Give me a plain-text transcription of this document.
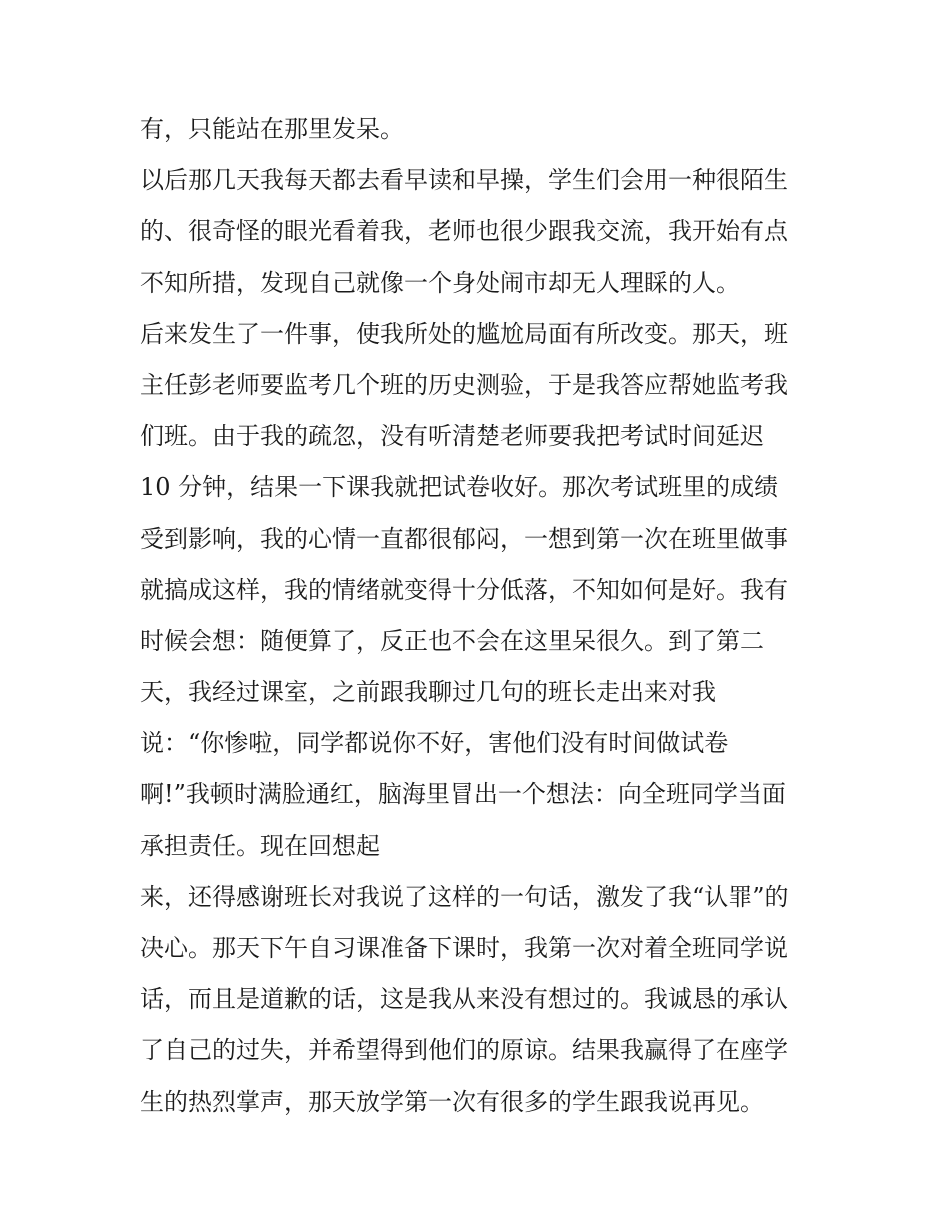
有，只能站在那里发呆。
以后那几天我每天都去看早读和早操，学生们会用一种很陌生
的、很奇怪的眼光看着我，老师也很少跟我交流，我开始有点
不知所措，发现自己就像一个身处闹市却无人理睬的人。
后来发生了一件事，使我所处的尴尬局面有所改变。那天，班
主任彭老师要监考几个班的历史测验，于是我答应帮她监考我
们班。由于我的疏忽，没有听清楚老师要我把考试时间延迟
10 分钟，结果一下课我就把试卷收好。那次考试班里的成绩
受到影响，我的心情一直都很郁闷，一想到第一次在班里做事
就搞成这样，我的情绪就变得十分低落，不知如何是好。我有
时候会想：随便算了，反正也不会在这里呆很久。到了第二
天，我经过课室，之前跟我聊过几句的班长走出来对我
说：“你惨啦，同学都说你不好，害他们没有时间做试卷
啊!”我顿时满脸通红，脑海里冒出一个想法：向全班同学当面
承担责任。现在回想起
来，还得感谢班长对我说了这样的一句话，激发了我“认罪”的
决心。那天下午自习课准备下课时，我第一次对着全班同学说
话，而且是道歉的话，这是我从来没有想过的。我诚恳的承认
了自己的过失，并希望得到他们的原谅。结果我赢得了在座学
生的热烈掌声，那天放学第一次有很多的学生跟我说再见。
